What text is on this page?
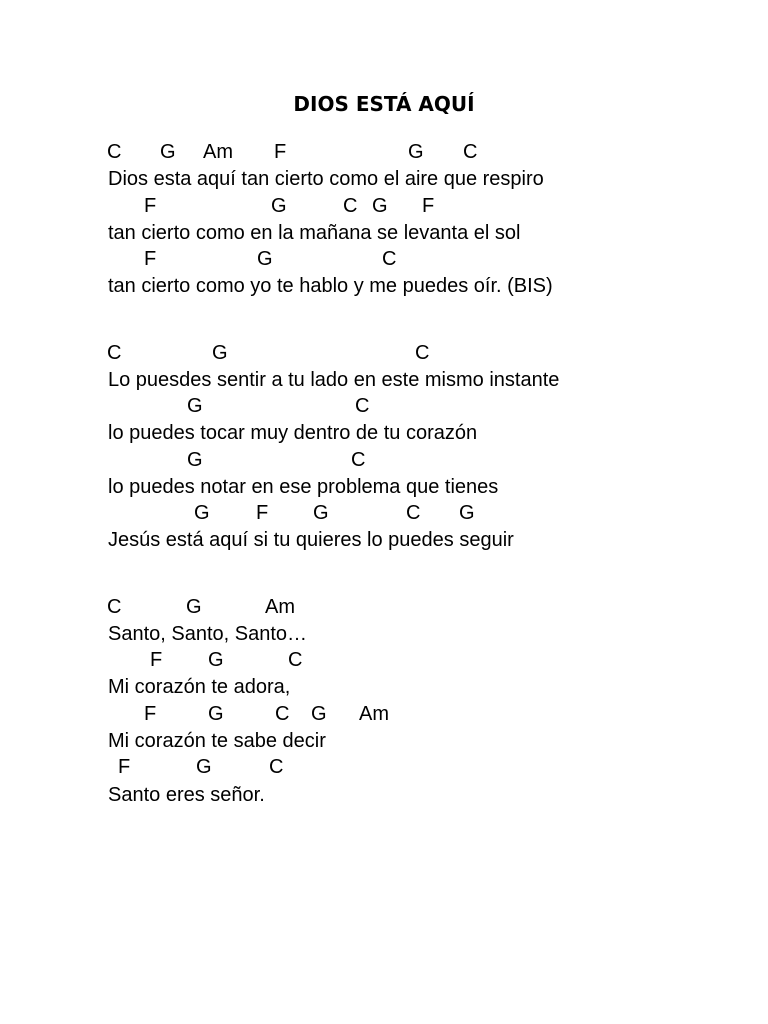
DIOS ESTÁ AQUÍ
C G Am F	G C
Dios esta aquí tan cierto como el aire que respiro
F	G	C G F
tan cierto como en la mañana se levanta el sol
F	G	C
tan cierto como yo te hablo y me puedes oír. (BIS)
C	G	C
Lo puesdes sentir a tu lado en este mismo instante
G	C
lo puedes tocar muy dentro de tu corazón
G	C
lo puedes notar en ese problema que tienes
G F G	C G
Jesús está aquí si tu quieres lo puedes seguir
C	G	Am
Santo, Santo, Santo…
F G	C
Mi corazón te adora,
F	G	C G Am
Mi corazón te sabe decir
F	G	C
Santo eres señor.
